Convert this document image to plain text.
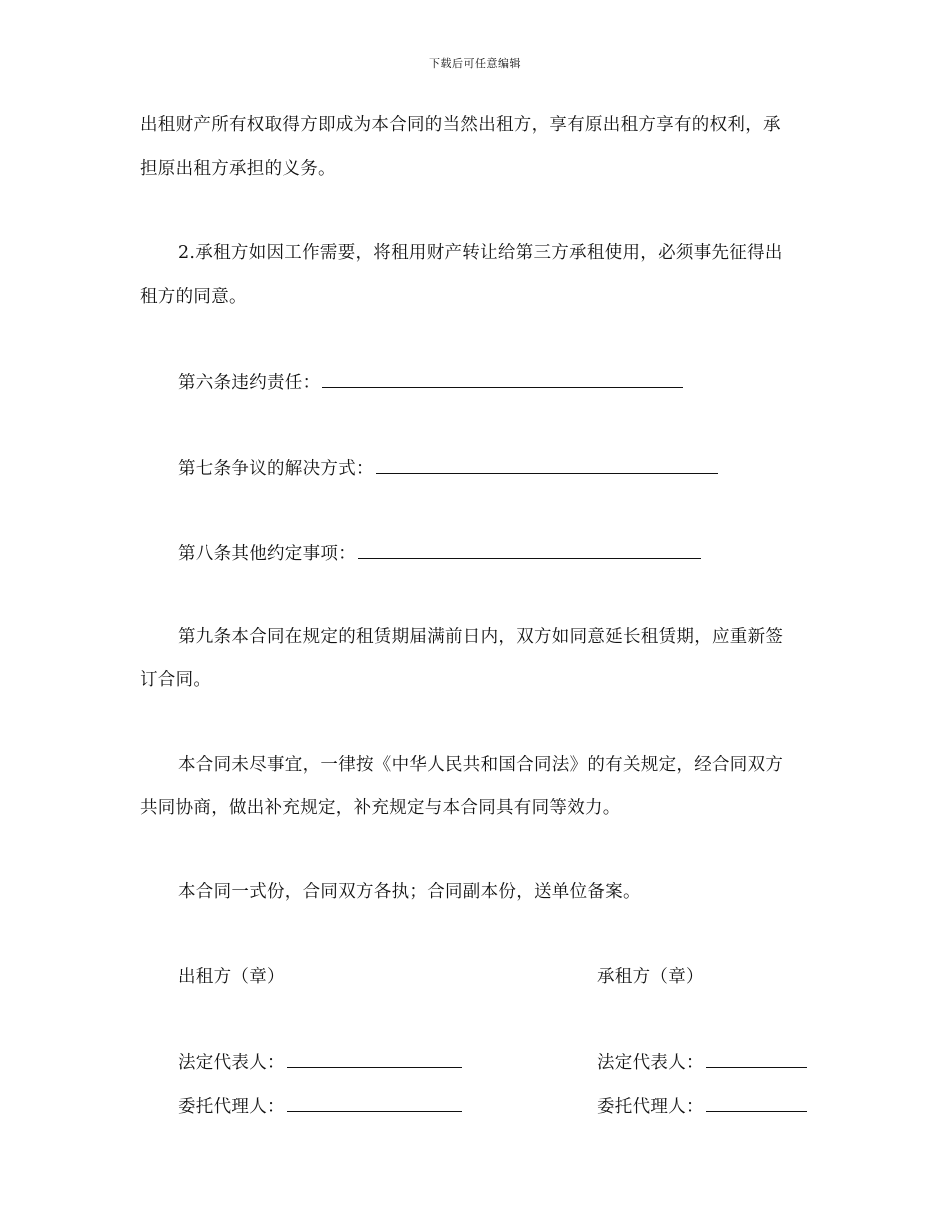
下载后可任意编辑
出租财产所有权取得方即成为本合同的当然出租方，享有原出租方享有的权利，承
担原出租方承担的义务。
2.承租方如因工作需要，将租用财产转让给第三方承租使用，必须事先征得出
租方的同意。
第六条违约责任：
第七条争议的解决方式：
第八条其他约定事项：
第九条本合同在规定的租赁期届满前日内，双方如同意延长租赁期，应重新签
订合同。
本合同未尽事宜，一律按《中华人民共和国合同法》的有关规定，经合同双方
共同协商，做出补充规定，补充规定与本合同具有同等效力。
本合同一式份，合同双方各执；合同副本份，送单位备案。
出租方（章）	承租方（章）
法定代表人：	法定代表人：
委托代理人：	委托代理人：
